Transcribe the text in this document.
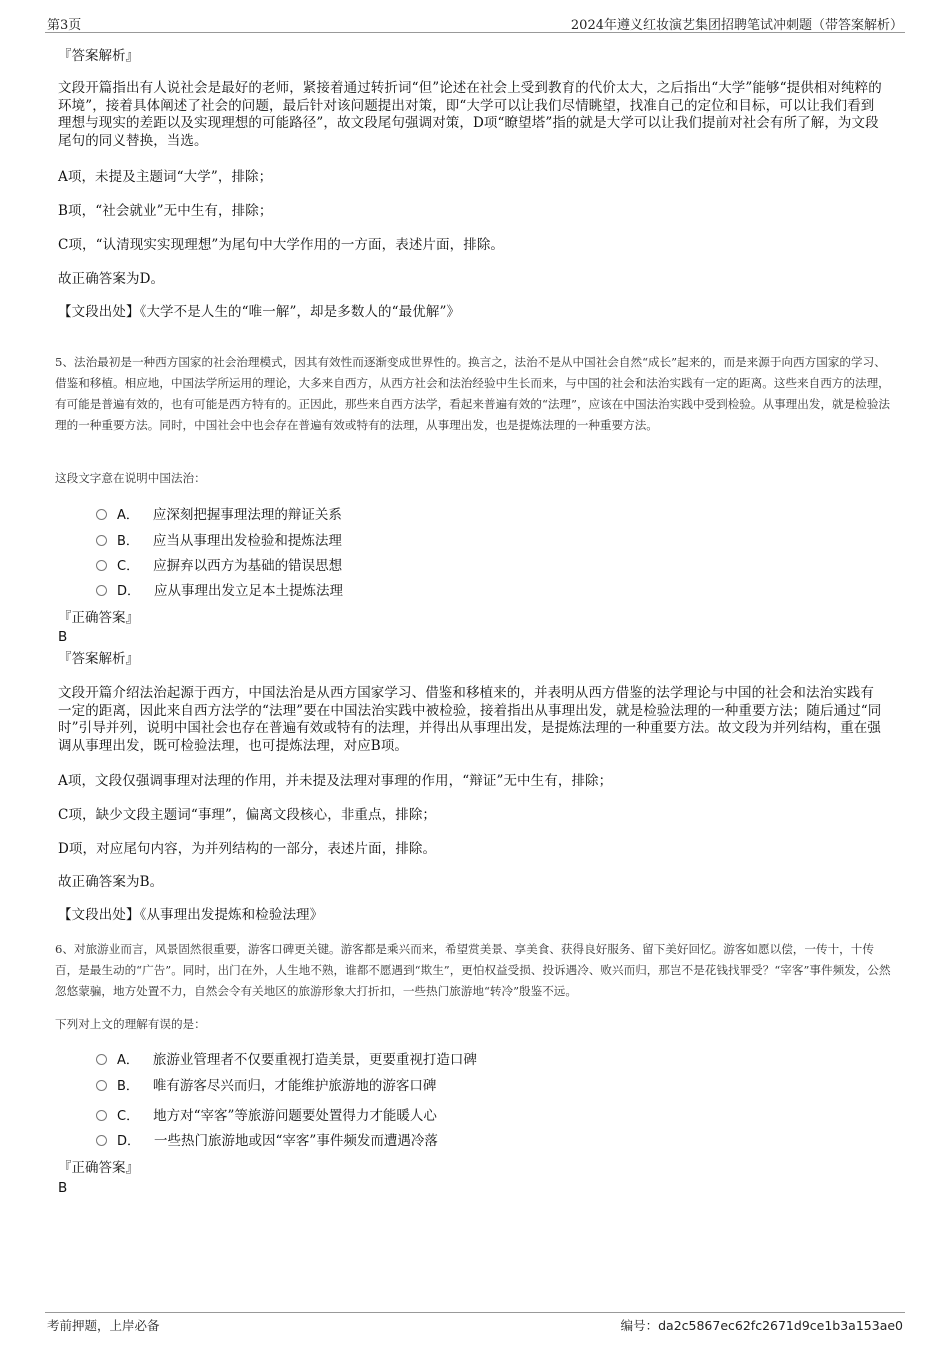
第3页	2024年遵义红妆演艺集团招聘笔试冲刺题（带答案解析）
『答案解析』
文段开篇指出有人说社会是最好的老师，紧接着通过转折词“但”论述在社会上受到教育的代价太大，之后指出“大学”能够“提供相对纯粹的环境”，接着具体阐述了社会的问题，最后针对该问题提出对策，即“大学可以让我们尽情眺望，找准自己的定位和目标，可以让我们看到理想与现实的差距以及实现理想的可能路径”，故文段尾句强调对策，D项“瞭望塔”指的就是大学可以让我们提前对社会有所了解，为文段尾句的同义替换，当选。
A项，未提及主题词“大学”，排除；
B项，“社会就业”无中生有，排除；
C项，“认清现实实现理想”为尾句中大学作用的一方面，表述片面，排除。
故正确答案为D。
【文段出处】《大学不是人生的“唯一解”，却是多数人的“最优解”》
5、法治最初是一种西方国家的社会治理模式，因其有效性而逐渐变成世界性的。换言之，法治不是从中国社会自然“成长”起来的，而是来源于向西方国家的学习、借鉴和移植。相应地，中国法学所运用的理论，大多来自西方，从西方社会和法治经验中生长而来，与中国的社会和法治实践有一定的距离。这些来自西方的法理，有可能是普遍有效的，也有可能是西方特有的。正因此，那些来自西方法学，看起来普遍有效的“法理”，应该在中国法治实践中受到检验。从事理出发，就是检验法理的一种重要方法。同时，中国社会中也会存在普遍有效或特有的法理，从事理出发，也是提炼法理的一种重要方法。
这段文字意在说明中国法治：
A． 应深刻把握事理法理的辩证关系
B． 应当从事理出发检验和提炼法理
C． 应摒弃以西方为基础的错误思想
D． 应从事理出发立足本土提炼法理
『正确答案』
B
『答案解析』
文段开篇介绍法治起源于西方，中国法治是从西方国家学习、借鉴和移植来的，并表明从西方借鉴的法学理论与中国的社会和法治实践有一定的距离，因此来自西方法学的“法理”要在中国法治实践中被检验，接着指出从事理出发，就是检验法理的一种重要方法；随后通过“同时”引导并列，说明中国社会也存在普遍有效或特有的法理，并得出从事理出发，是提炼法理的一种重要方法。故文段为并列结构，重在强调从事理出发，既可检验法理，也可提炼法理，对应B项。
A项，文段仅强调事理对法理的作用，并未提及法理对事理的作用，“辩证”无中生有，排除；
C项，缺少文段主题词“事理”，偏离文段核心，非重点，排除；
D项，对应尾句内容，为并列结构的一部分，表述片面，排除。
故正确答案为B。
【文段出处】《从事理出发提炼和检验法理》
6、对旅游业而言，风景固然很重要，游客口碑更关键。游客都是乘兴而来，希望赏美景、享美食、获得良好服务、留下美好回忆。游客如愿以偿，一传十，十传百，是最生动的“广告”。同时，出门在外，人生地不熟，谁都不愿遇到“欺生”，更怕权益受损、投诉遇冷、败兴而归，那岂不是花钱找罪受？“宰客”事件频发，公然忽悠蒙骗，地方处置不力，自然会令有关地区的旅游形象大打折扣，一些热门旅游地“转冷”殷鉴不远。
下列对上文的理解有误的是：
A． 旅游业管理者不仅要重视打造美景，更要重视打造口碑
B． 唯有游客尽兴而归，才能维护旅游地的游客口碑
C． 地方对“宰客”等旅游问题要处置得力才能暖人心
D． 一些热门旅游地或因“宰客”事件频发而遭遇冷落
『正确答案』
B
考前押题，上岸必备	编号：da2c5867ec62fc2671d9ce1b3a153ae0
